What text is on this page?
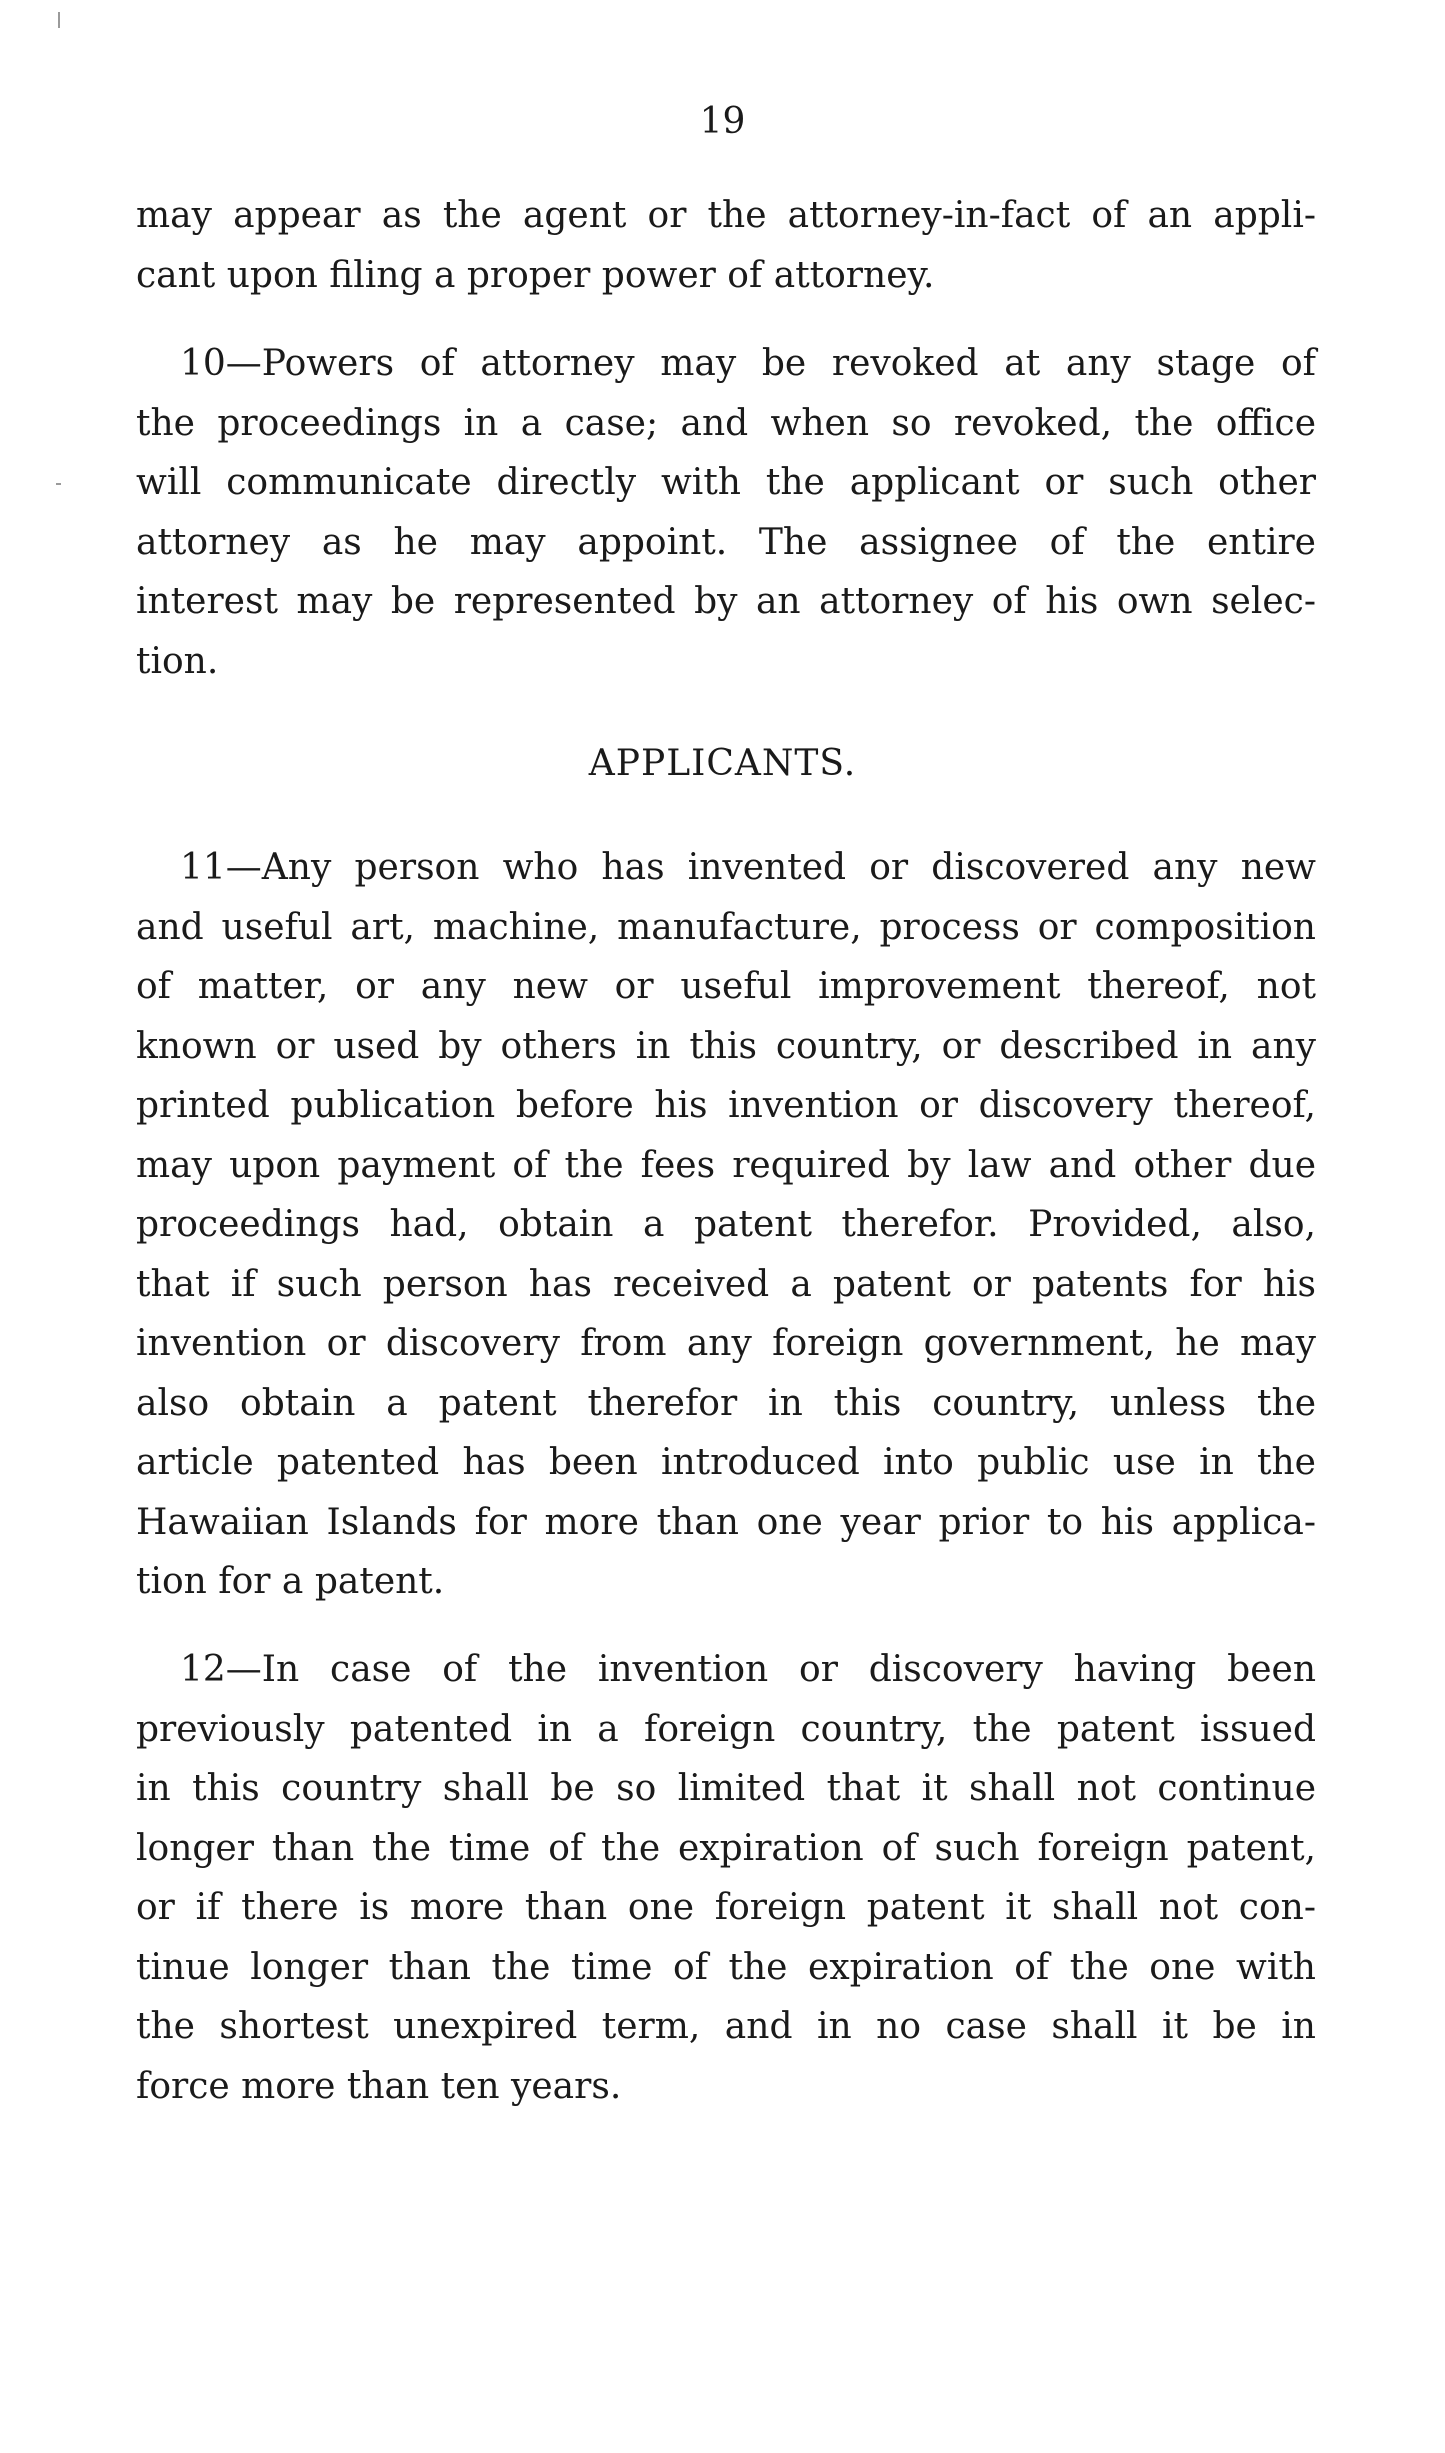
19
may appear as the agent or the attorney-in-fact of an appli-
cant upon filing a proper power of attorney.
10—Powers of attorney may be revoked at any stage of
the proceedings in a case; and when so revoked, the office
will communicate directly with the applicant or such other
attorney as he may appoint. The assignee of the entire
interest may be represented by an attorney of his own selec-
tion.
APPLICANTS.
11—Any person who has invented or discovered any new
and useful art, machine, manufacture, process or composition
of matter, or any new or useful improvement thereof, not
known or used by others in this country, or described in any
printed publication before his invention or discovery thereof,
may upon payment of the fees required by law and other due
proceedings had, obtain a patent therefor. Provided, also,
that if such person has received a patent or patents for his
invention or discovery from any foreign government, he may
also obtain a patent therefor in this country, unless the
article patented has been introduced into public use in the
Hawaiian Islands for more than one year prior to his applica-
tion for a patent.
12—In case of the invention or discovery having been
previously patented in a foreign country, the patent issued
in this country shall be so limited that it shall not continue
longer than the time of the expiration of such foreign patent,
or if there is more than one foreign patent it shall not con-
tinue longer than the time of the expiration of the one with
the shortest unexpired term, and in no case shall it be in
force more than ten years.
